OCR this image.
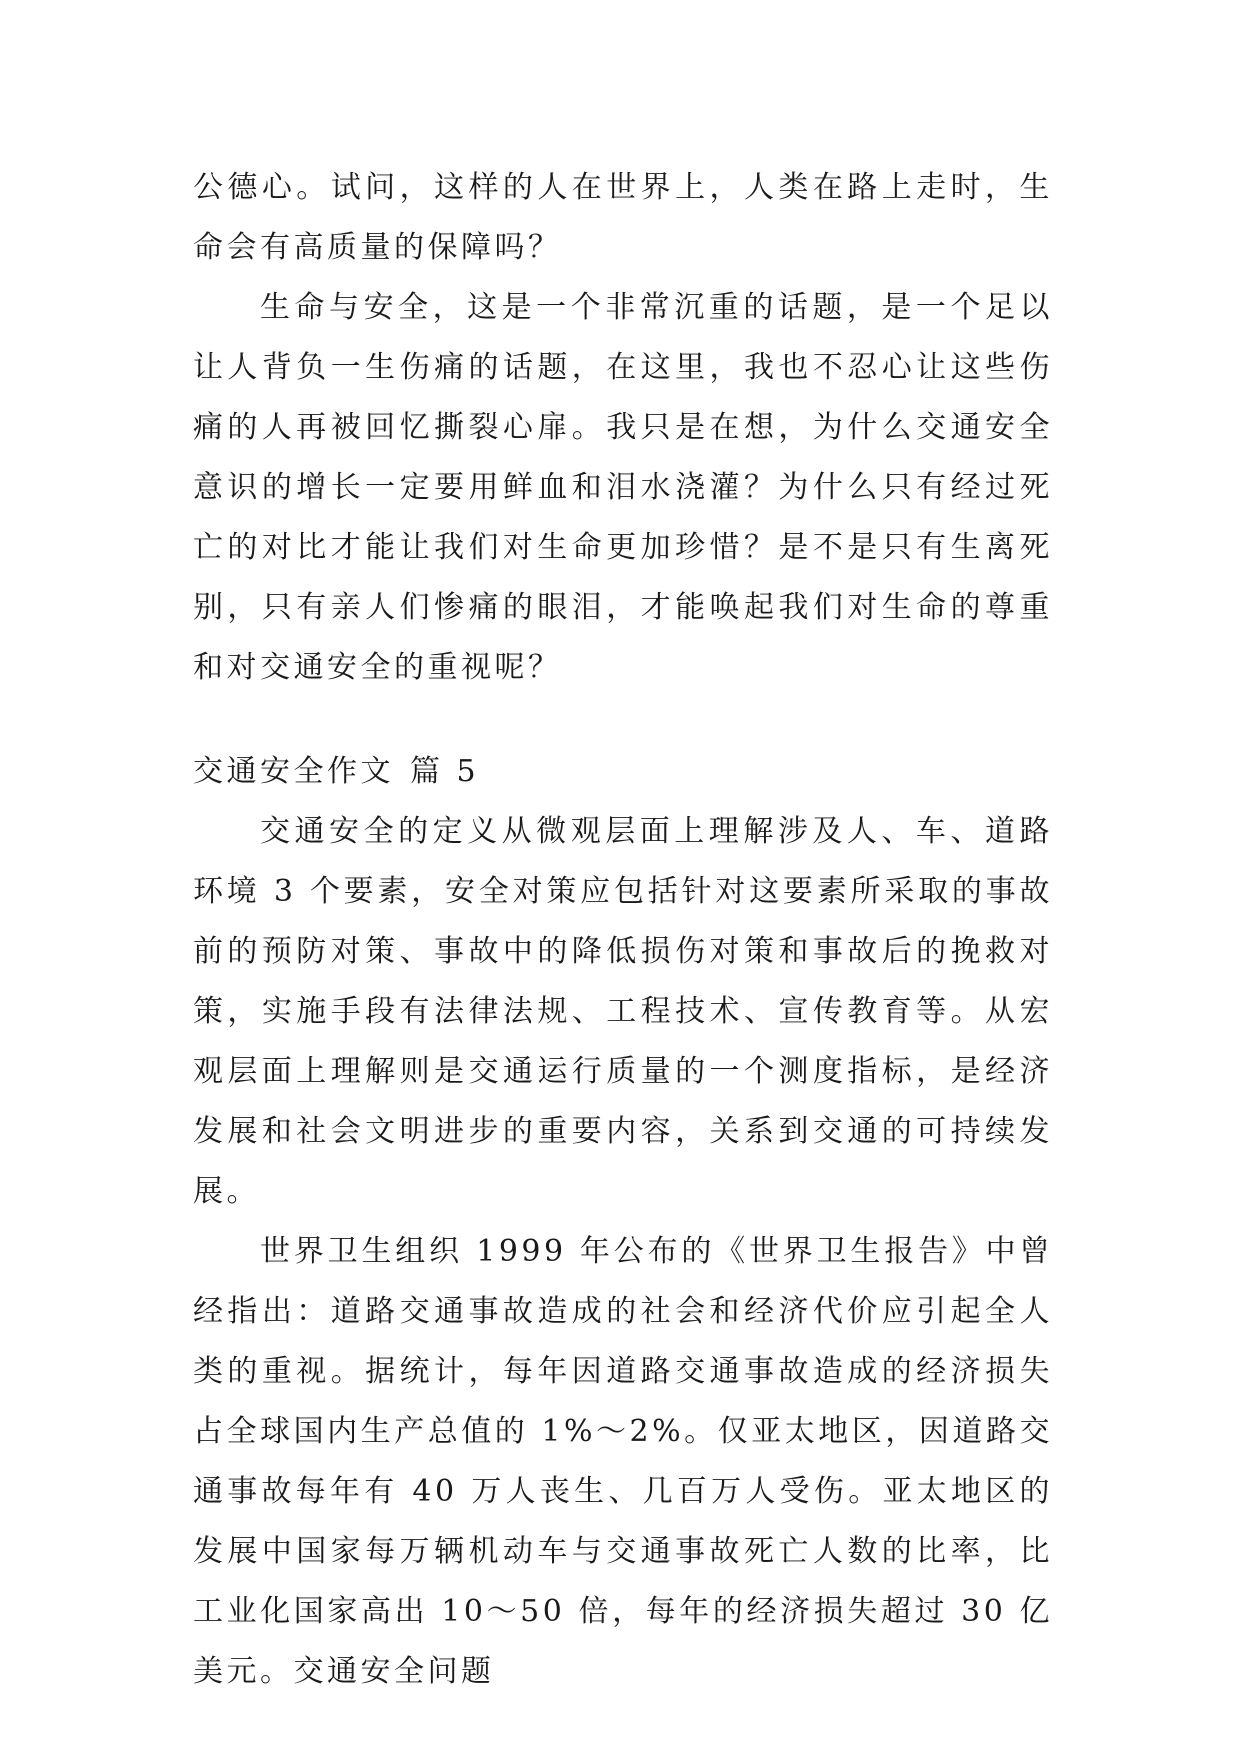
公德心。试问，这样的人在世界上，人类在路上走时，生命会有高质量的保障吗？

生命与安全，这是一个非常沉重的话题，是一个足以让人背负一生伤痛的话题，在这里，我也不忍心让这些伤痛的人再被回忆撕裂心扉。我只是在想，为什么交通安全意识的增长一定要用鲜血和泪水浇灌？为什么只有经过死亡的对比才能让我们对生命更加珍惜？是不是只有生离死别，只有亲人们惨痛的眼泪，才能唤起我们对生命的尊重和对交通安全的重视呢？

交通安全作文 篇 5

交通安全的定义从微观层面上理解涉及人、车、道路环境 3 个要素，安全对策应包括针对这要素所采取的事故前的预防对策、事故中的降低损伤对策和事故后的挽救对策，实施手段有法律法规、工程技术、宣传教育等。从宏观层面上理解则是交通运行质量的一个测度指标，是经济发展和社会文明进步的重要内容，关系到交通的可持续发展。

世界卫生组织 1999 年公布的《世界卫生报告》中曾经指出：道路交通事故造成的社会和经济代价应引起全人类的重视。据统计，每年因道路交通事故造成的经济损失占全球国内生产总值的 1%～2%。仅亚太地区，因道路交通事故每年有 40 万人丧生、几百万人受伤。亚太地区的发展中国家每万辆机动车与交通事故死亡人数的比率，比工业化国家高出 10～50 倍，每年的经济损失超过 30 亿美元。交通安全问题
